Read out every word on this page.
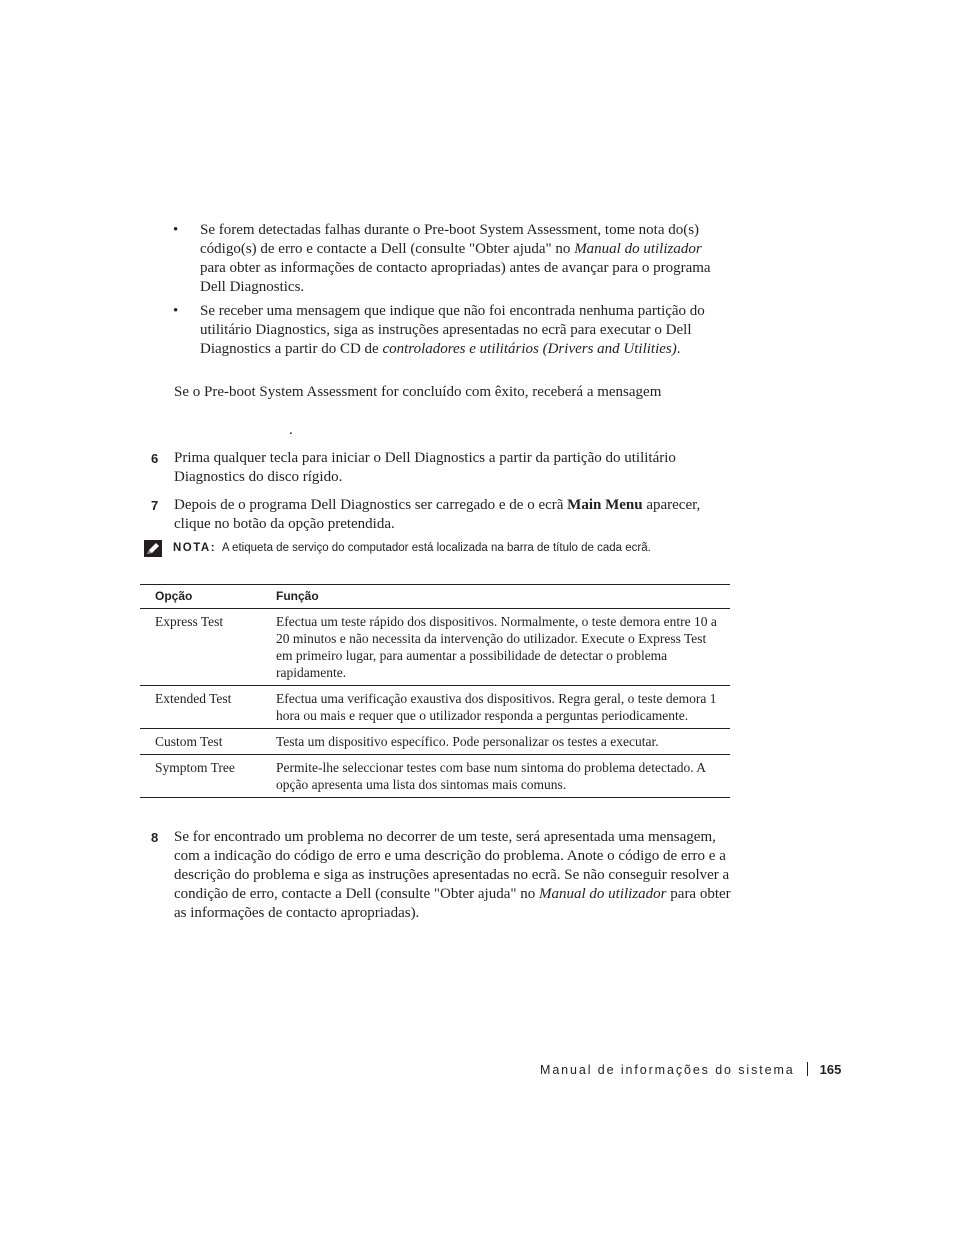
• Se forem detectadas falhas durante o Pre-boot System Assessment, tome nota do(s) código(s) de erro e contacte a Dell (consulte "Obter ajuda" no Manual do utilizador para obter as informações de contacto apropriadas) antes de avançar para o programa Dell Diagnostics.
• Se receber uma mensagem que indique que não foi encontrada nenhuma partição do utilitário Diagnostics, siga as instruções apresentadas no ecrã para executar o Dell Diagnostics a partir do CD de controladores e utilitários (Drivers and Utilities).
Se o Pre-boot System Assessment for concluído com êxito, receberá a mensagem
.
6 Prima qualquer tecla para iniciar o Dell Diagnostics a partir da partição do utilitário Diagnostics do disco rígido.
7 Depois de o programa Dell Diagnostics ser carregado e de o ecrã Main Menu aparecer, clique no botão da opção pretendida.
NOTA: A etiqueta de serviço do computador está localizada na barra de título de cada ecrã.
Opção	Função
Express Test	Efectua um teste rápido dos dispositivos. Normalmente, o teste demora entre 10 a 20 minutos e não necessita da intervenção do utilizador. Execute o Express Test em primeiro lugar, para aumentar a possibilidade de detectar o problema rapidamente.
Extended Test	Efectua uma verificação exaustiva dos dispositivos. Regra geral, o teste demora 1 hora ou mais e requer que o utilizador responda a perguntas periodicamente.
Custom Test	Testa um dispositivo específico. Pode personalizar os testes a executar.
Symptom Tree	Permite-lhe seleccionar testes com base num sintoma do problema detectado. A opção apresenta uma lista dos sintomas mais comuns.
8 Se for encontrado um problema no decorrer de um teste, será apresentada uma mensagem, com a indicação do código de erro e uma descrição do problema. Anote o código de erro e a descrição do problema e siga as instruções apresentadas no ecrã. Se não conseguir resolver a condição de erro, contacte a Dell (consulte "Obter ajuda" no Manual do utilizador para obter as informações de contacto apropriadas).
Manual de informações do sistema 165
